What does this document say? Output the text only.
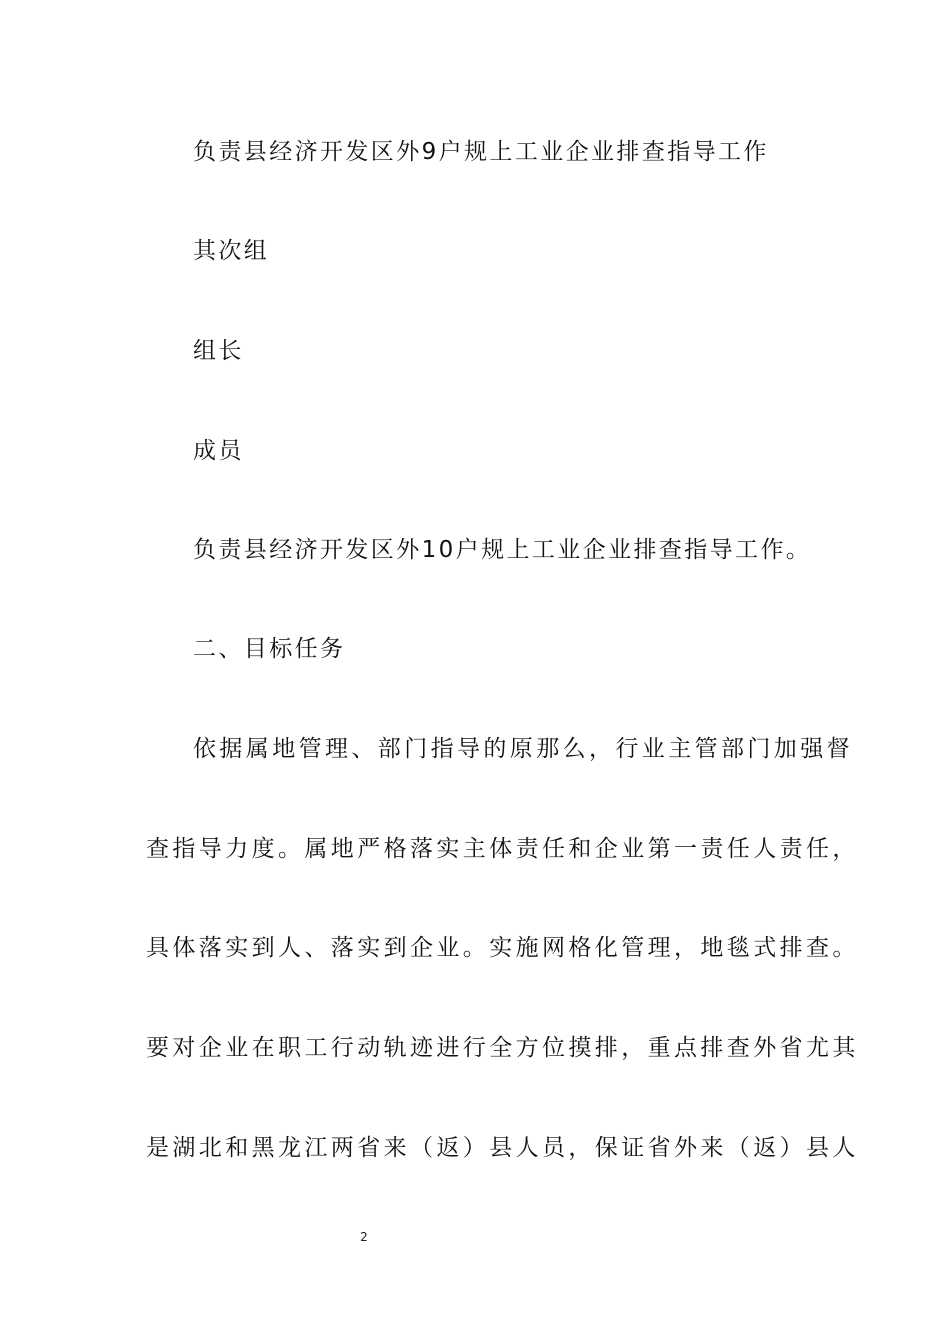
负责县经济开发区外9户规上工业企业排查指导工作
其次组
组长
成员
负责县经济开发区外10户规上工业企业排查指导工作。
二、目标任务
依据属地管理、部门指导的原那么，行业主管部门加强督
查指导力度。属地严格落实主体责任和企业第一责任人责任，
具体落实到人、落实到企业。实施网格化管理，地毯式排查。
要对企业在职工行动轨迹进行全方位摸排，重点排查外省尤其
是湖北和黑龙江两省来（返）县人员，保证省外来（返）县人
2
